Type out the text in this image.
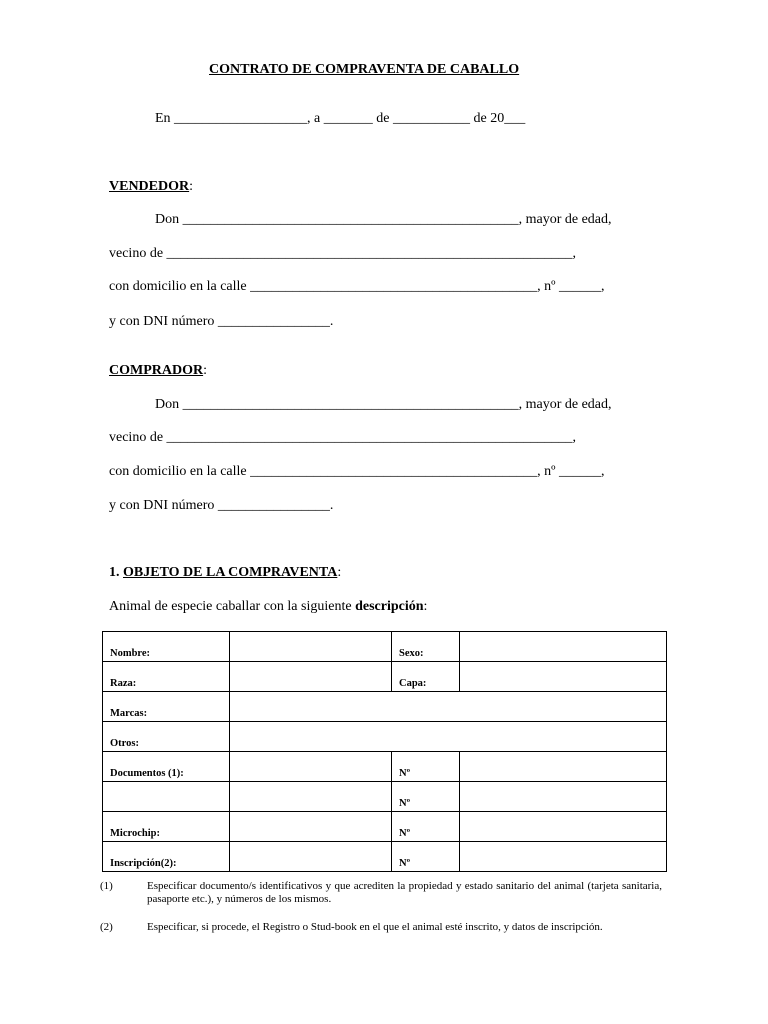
CONTRATO DE COMPRAVENTA DE CABALLO
En ___________________, a _______ de ___________ de 20___
VENDEDOR:
Don ________________________________________________, mayor de edad,
vecino de __________________________________________________________,
con domicilio en la calle _________________________________________, nº ______,
y con DNI número ________________.
COMPRADOR:
Don ________________________________________________, mayor de edad,
vecino de __________________________________________________________,
con domicilio en la calle _________________________________________, nº ______,
y con DNI número ________________.
1. OBJETO DE LA COMPRAVENTA:
Animal de especie caballar con la siguiente descripción:
Nombre:		Sexo:	
Raza:		Capa:	
Marcas:			
Otros:			
Documentos (1):		Nº	
		Nº	
Microchip:		Nº	
Inscripción(2):		Nº	
(1)	Especificar documento/s identificativos y que acrediten la propiedad y estado sanitario del animal (tarjeta sanitaria, pasaporte etc.), y números de los mismos.
(2)	Especificar, si procede, el Registro o Stud-book en el que el animal esté inscrito, y datos de inscripción.
